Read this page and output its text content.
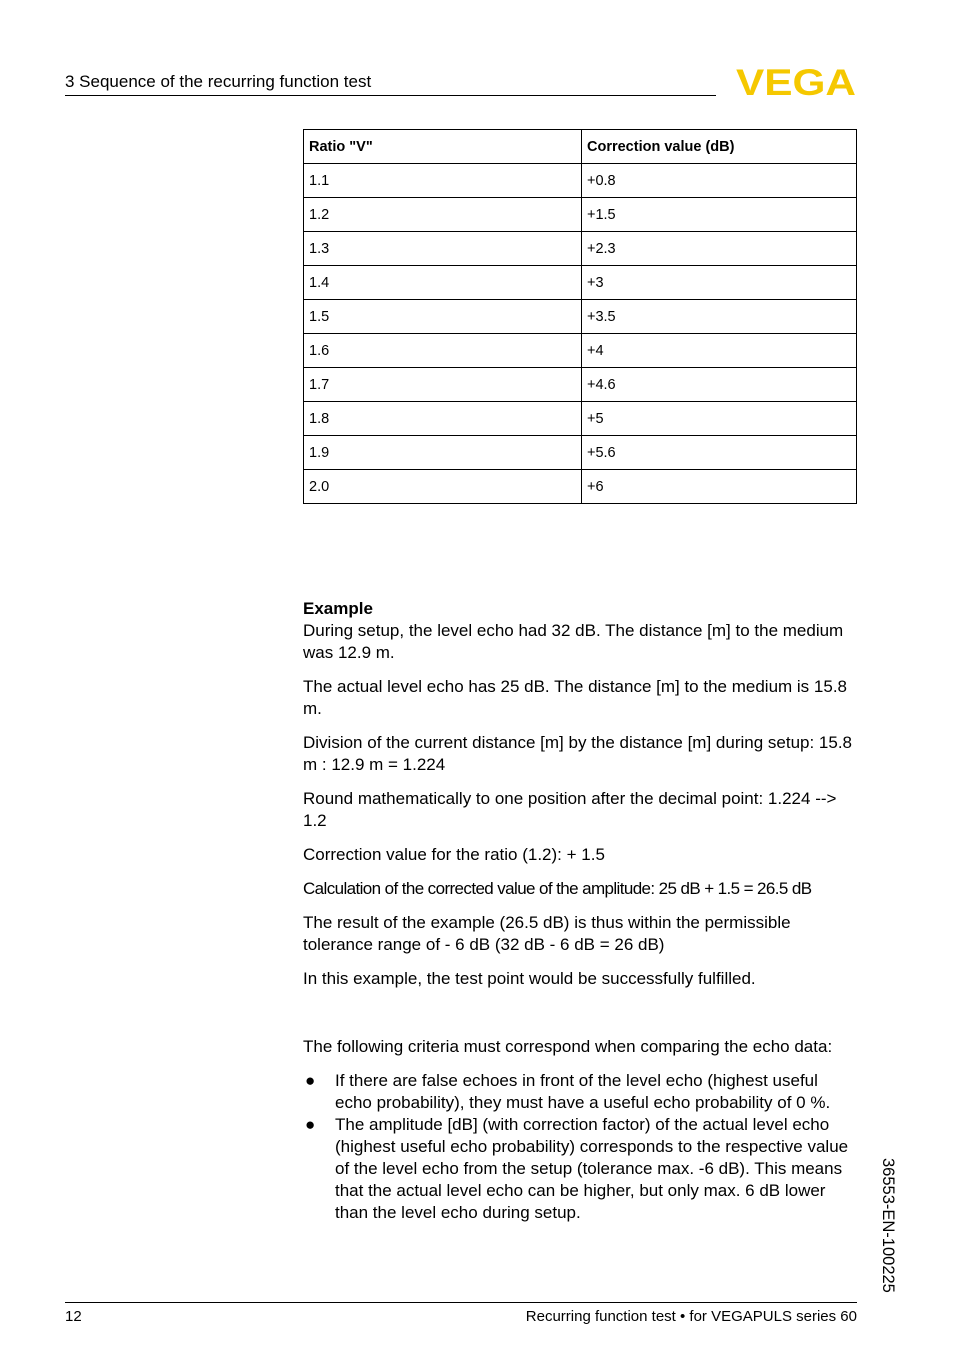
3 Sequence of the recurring function test	VEGA
Ratio "V"	Correction value (dB)
1.1	+0.8
1.2	+1.5
1.3	+2.3
1.4	+3
1.5	+3.5
1.6	+4
1.7	+4.6
1.8	+5
1.9	+5.6
2.0	+6
Example

During setup, the level echo had 32 dB. The distance [m] to the medium was 12.9 m.

The actual level echo has 25 dB. The distance [m] to the medium is 15.8 m.

Division of the current distance [m] by the distance [m] during setup: 15.8 m : 12.9 m = 1.224

Round mathematically to one position after the decimal point: 1.224 --> 1.2

Correction value for the ratio (1.2): + 1.5

Calculation of the corrected value of the amplitude: 25 dB + 1.5 = 26.5 dB

The result of the example (26.5 dB) is thus within the permissible tolerance range of - 6 dB (32 dB - 6 dB = 26 dB)

In this example, the test point would be successfully fulfilled.

The following criteria must correspond when comparing the echo data:

● If there are false echoes in front of the level echo (highest useful echo probability), they must have a useful echo probability of 0 %.
● The amplitude [dB] (with correction factor) of the actual level echo (highest useful echo probability) corresponds to the respective value of the level echo from the setup (tolerance max. -6 dB). This means that the actual level echo can be higher, but only max. 6 dB lower than the level echo during setup.	36553-EN-100225
12	Recurring function test • for VEGAPULS series 60
